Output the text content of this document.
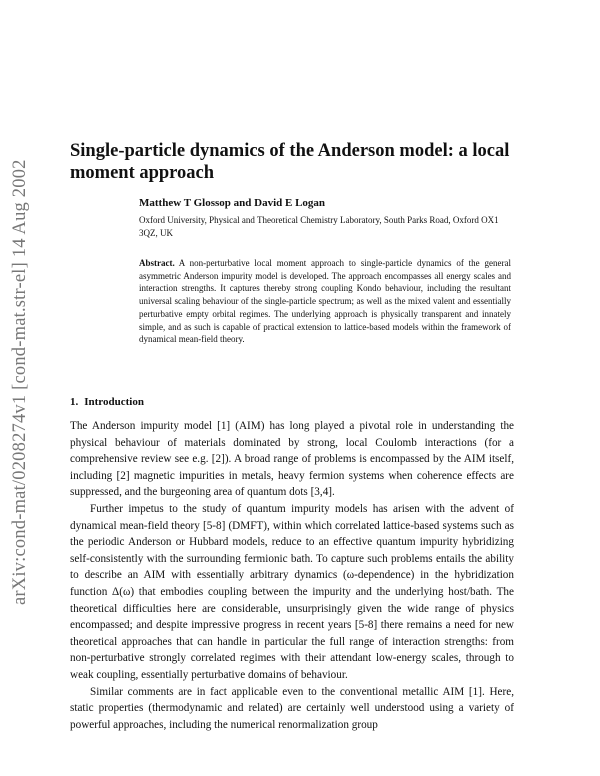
arXiv:cond-mat/0208274v1 [cond-mat.str-el] 14 Aug 2002
Single-particle dynamics of the Anderson model: a local moment approach

Matthew T Glossop and David E Logan

Oxford University, Physical and Theoretical Chemistry Laboratory, South Parks Road, Oxford OX1 3QZ, UK

Abstract. A non-perturbative local moment approach to single-particle dynamics of the general asymmetric Anderson impurity model is developed. The approach encompasses all energy scales and interaction strengths. It captures thereby strong coupling Kondo behaviour, including the resultant universal scaling behaviour of the single-particle spectrum; as well as the mixed valent and essentially perturbative empty orbital regimes. The underlying approach is physically transparent and innately simple, and as such is capable of practical extension to lattice-based models within the framework of dynamical mean-field theory.

1. Introduction

The Anderson impurity model [1] (AIM) has long played a pivotal role in understanding the physical behaviour of materials dominated by strong, local Coulomb interactions (for a comprehensive review see e.g. [2]). A broad range of problems is encompassed by the AIM itself, including [2] magnetic impurities in metals, heavy fermion systems when coherence effects are suppressed, and the burgeoning area of quantum dots [3,4].

Further impetus to the study of quantum impurity models has arisen with the advent of dynamical mean-field theory [5-8] (DMFT), within which correlated lattice-based systems such as the periodic Anderson or Hubbard models, reduce to an effective quantum impurity hybridizing self-consistently with the surrounding fermionic bath. To capture such problems entails the ability to describe an AIM with essentially arbitrary dynamics (ω-dependence) in the hybridization function Δ(ω) that embodies coupling between the impurity and the underlying host/bath. The theoretical difficulties here are considerable, unsurprisingly given the wide range of physics encompassed; and despite impressive progress in recent years [5-8] there remains a need for new theoretical approaches that can handle in particular the full range of interaction strengths: from non-perturbative strongly correlated regimes with their attendant low-energy scales, through to weak coupling, essentially perturbative domains of behaviour.

Similar comments are in fact applicable even to the conventional metallic AIM [1]. Here, static properties (thermodynamic and related) are certainly well understood using a variety of powerful approaches, including the numerical renormalization group
